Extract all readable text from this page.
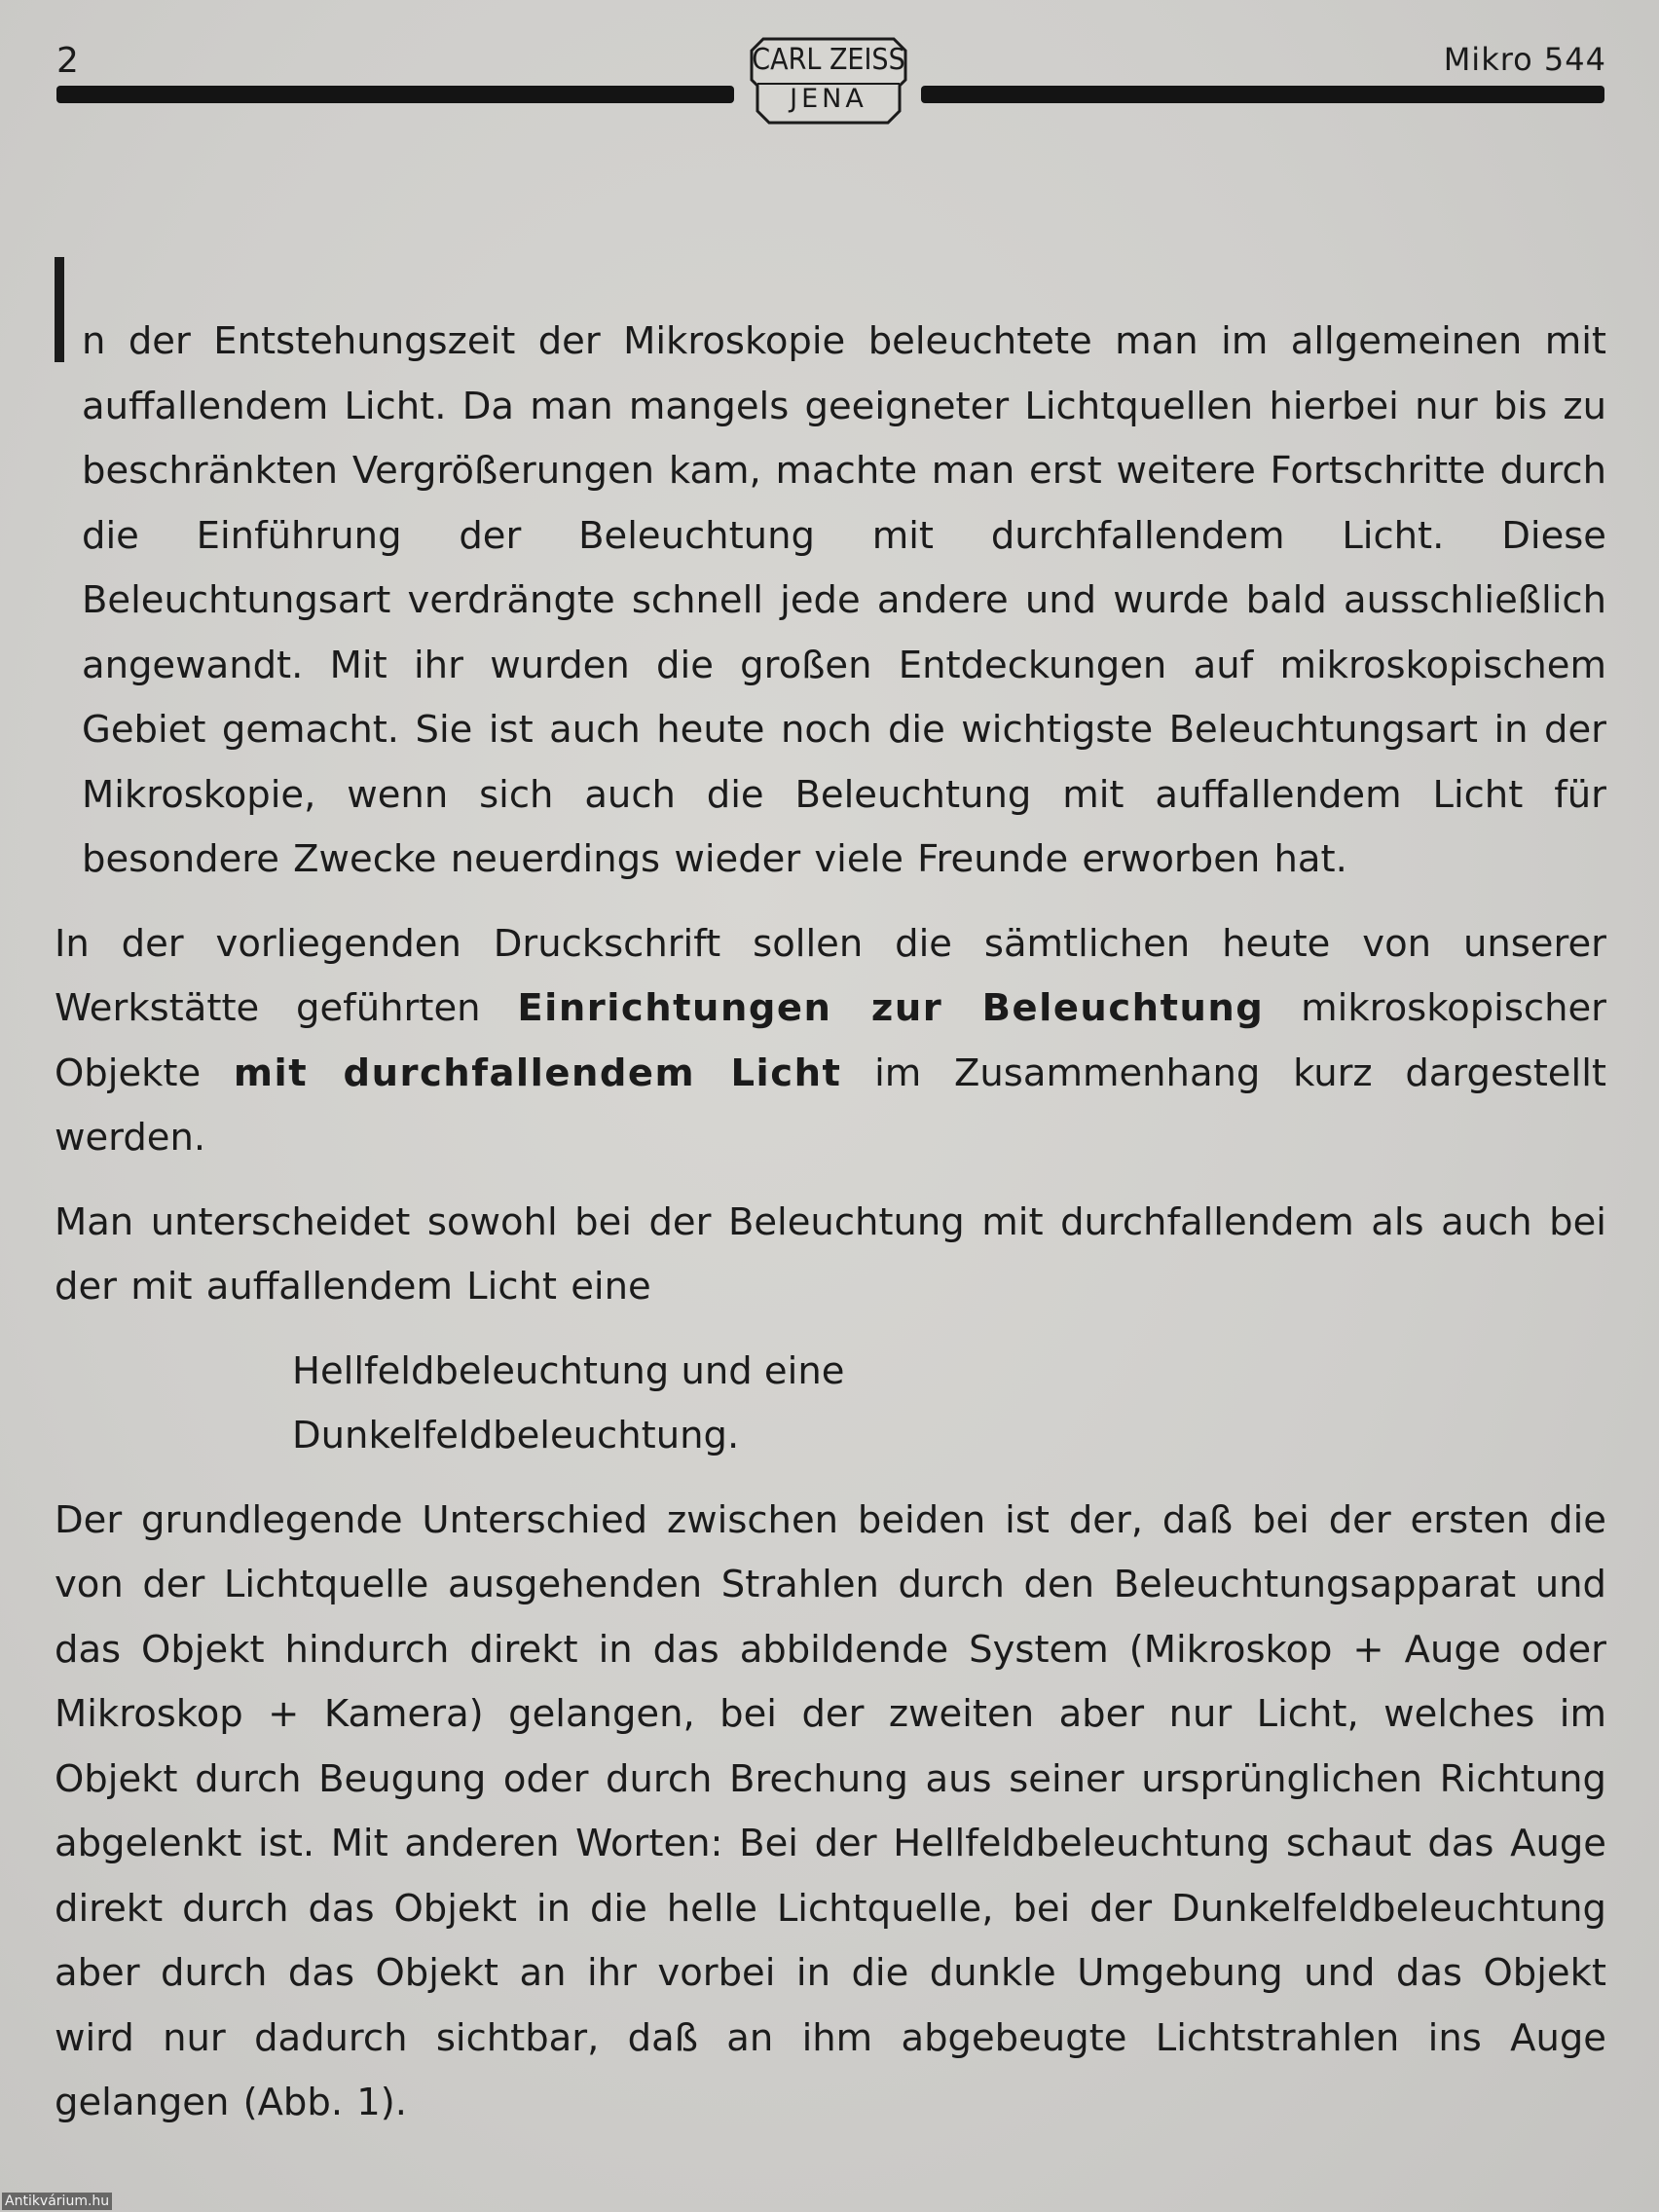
2	Mikro 544
CARL ZEISS
JENA

n der Entstehungszeit der Mikroskopie beleuchtete man im allgemeinen mit auffallendem Licht. Da man mangels geeigneter Lichtquellen hierbei nur bis zu beschränkten Vergrößerungen kam, machte man erst weitere Fortschritte durch die Einführung der Beleuchtung mit durchfallendem Licht. Diese Beleuchtungsart verdrängte schnell jede andere und wurde bald ausschließlich angewandt. Mit ihr wurden die großen Entdeckungen auf mikroskopischem Gebiet gemacht. Sie ist auch heute noch die wichtigste Beleuchtungsart in der Mikroskopie, wenn sich auch die Beleuchtung mit auffallendem Licht für besondere Zwecke neuerdings wieder viele Freunde erworben hat.

In der vorliegenden Druckschrift sollen die sämtlichen heute von unserer Werkstätte geführten Einrichtungen zur Beleuchtung mikroskopischer Objekte mit durchfallendem Licht im Zusammenhang kurz dargestellt werden.

Man unterscheidet sowohl bei der Beleuchtung mit durchfallendem als auch bei der mit auffallendem Licht eine

Hellfeldbeleuchtung und eine
Dunkelfeldbeleuchtung.

Der grundlegende Unterschied zwischen beiden ist der, daß bei der ersten die von der Lichtquelle ausgehenden Strahlen durch den Beleuchtungsapparat und das Objekt hindurch direkt in das abbildende System (Mikroskop + Auge oder Mikroskop + Kamera) gelangen, bei der zweiten aber nur Licht, welches im Objekt durch Beugung oder durch Brechung aus seiner ursprünglichen Richtung abgelenkt ist. Mit anderen Worten: Bei der Hellfeldbeleuchtung schaut das Auge direkt durch das Objekt in die helle Lichtquelle, bei der Dunkelfeldbeleuchtung aber durch das Objekt an ihr vorbei in die dunkle Umgebung und das Objekt wird nur dadurch sichtbar, daß an ihm abgebeugte Lichtstrahlen ins Auge gelangen (Abb. 1).

Antikvárium.hu
